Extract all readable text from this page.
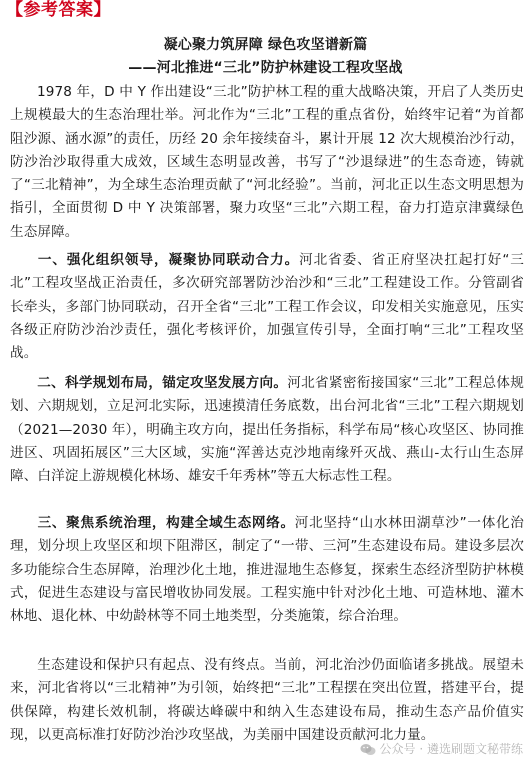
【参考答案】
凝心聚力筑屏障 绿色攻坚谱新篇
——河北推进“三北”防护林建设工程攻坚战

1978 年，D 中 Y 作出建设“三北”防护林工程的重大战略决策，开启了人类历史上规模最大的生态治理壮举。河北作为“三北”工程的重点省份，始终牢记着“为首都阻沙源、涵水源”的责任，历经 20 余年接续奋斗，累计开展 12 次大规模治沙行动，防沙治沙取得重大成效，区域生态明显改善，书写了“沙退绿进”的生态奇迹，铸就了“三北精神”，为全球生态治理贡献了“河北经验”。当前，河北正以生态文明思想为指引，全面贯彻 D 中 Y 决策部署，聚力攻坚“三北”六期工程，奋力打造京津冀绿色生态屏障。

一、强化组织领导，凝聚协同联动合力。河北省委、省正府坚决扛起打好“三北”工程攻坚战正治责任，多次研究部署防沙治沙和“三北”工程建设工作。分管副省长牵头，多部门协同联动，召开全省“三北”工程工作会议，印发相关实施意见，压实各级正府防沙治沙责任，强化考核评价，加强宣传引导，全面打响“三北”工程攻坚战。

二、科学规划布局，锚定攻坚发展方向。河北省紧密衔接国家“三北”工程总体规划、六期规划，立足河北实际，迅速摸清任务底数，出台河北省“三北”工程六期规划（2021—2030 年），明确主攻方向，提出任务指标，科学布局“核心攻坚区、协同推进区、巩固拓展区”三大区域，实施“浑善达克沙地南缘歼灭战、燕山-太行山生态屏障、白洋淀上游规模化林场、雄安千年秀林”等五大标志性工程。

三、聚焦系统治理，构建全域生态网络。河北坚持“山水林田湖草沙”一体化治理，划分坝上攻坚区和坝下阻滞区，制定了“一带、三河”生态建设布局。建设多层次多功能综合生态屏障，治理沙化土地，推进湿地生态修复，探索生态经济型防护林模式，促进生态建设与富民增收协同发展。工程实施中针对沙化土地、可造林地、灌木林地、退化林、中幼龄林等不同土地类型，分类施策，综合治理。

生态建设和保护只有起点、没有终点。当前，河北治沙仍面临诸多挑战。展望未来，河北省将以“三北精神”为引领，始终把“三北”工程摆在突出位置，搭建平台，提供保障，构建长效机制，将碳达峰碳中和纳入生态建设布局，推动生态产品价值实现，以更高标准打好防沙治沙攻坚战，为美丽中国建设贡献河北力量。

公众号 · 遴选刷题文秘带练
